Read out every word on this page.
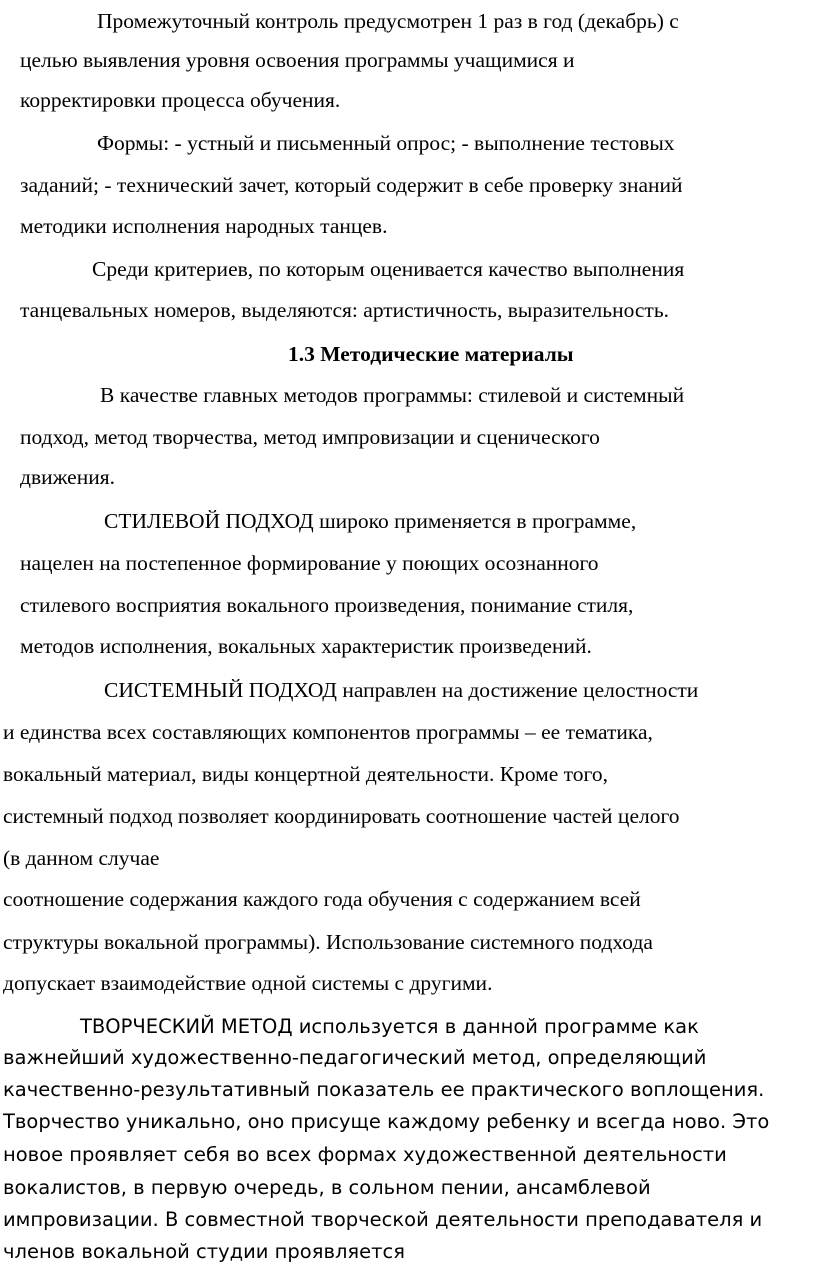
Промежуточный контроль предусмотрен 1 раз в год (декабрь) с
целью выявления уровня освоения программы учащимися и
корректировки процесса обучения.
Формы: - устный и письменный опрос; - выполнение тестовых
заданий; - технический зачет, который содержит в себе проверку знаний
методики исполнения народных танцев.
Среди критериев, по которым оценивается качество выполнения
танцевальных номеров, выделяются: артистичность, выразительность.
1.3 Методические материалы
В качестве главных методов программы: стилевой и системный
подход, метод творчества, метод импровизации и сценического
движения.
СТИЛЕВОЙ ПОДХОД широко применяется в программе,
нацелен на постепенное формирование у поющих осознанного
стилевого восприятия вокального произведения, понимание стиля,
методов исполнения, вокальных характеристик произведений.
СИСТЕМНЫЙ ПОДХОД направлен на достижение целостности
и единства всех составляющих компонентов программы – ее тематика,
вокальный материал, виды концертной деятельности. Кроме того,
системный подход позволяет координировать соотношение частей целого
(в данном случае
соотношение содержания каждого года обучения с содержанием всей
структуры вокальной программы). Использование системного подхода
допускает взаимодействие одной системы с другими.
ТВОРЧЕСКИЙ МЕТОД используется в данной программе как
важнейший художественно-педагогический метод, определяющий
качественно-результативный показатель ее практического воплощения.
Творчество уникально, оно присуще каждому ребенку и всегда ново. Это
новое проявляет себя во всех формах художественной деятельности
вокалистов, в первую очередь, в сольном пении, ансамблевой
импровизации. В совместной творческой деятельности преподавателя и
членов вокальной студии проявляется
